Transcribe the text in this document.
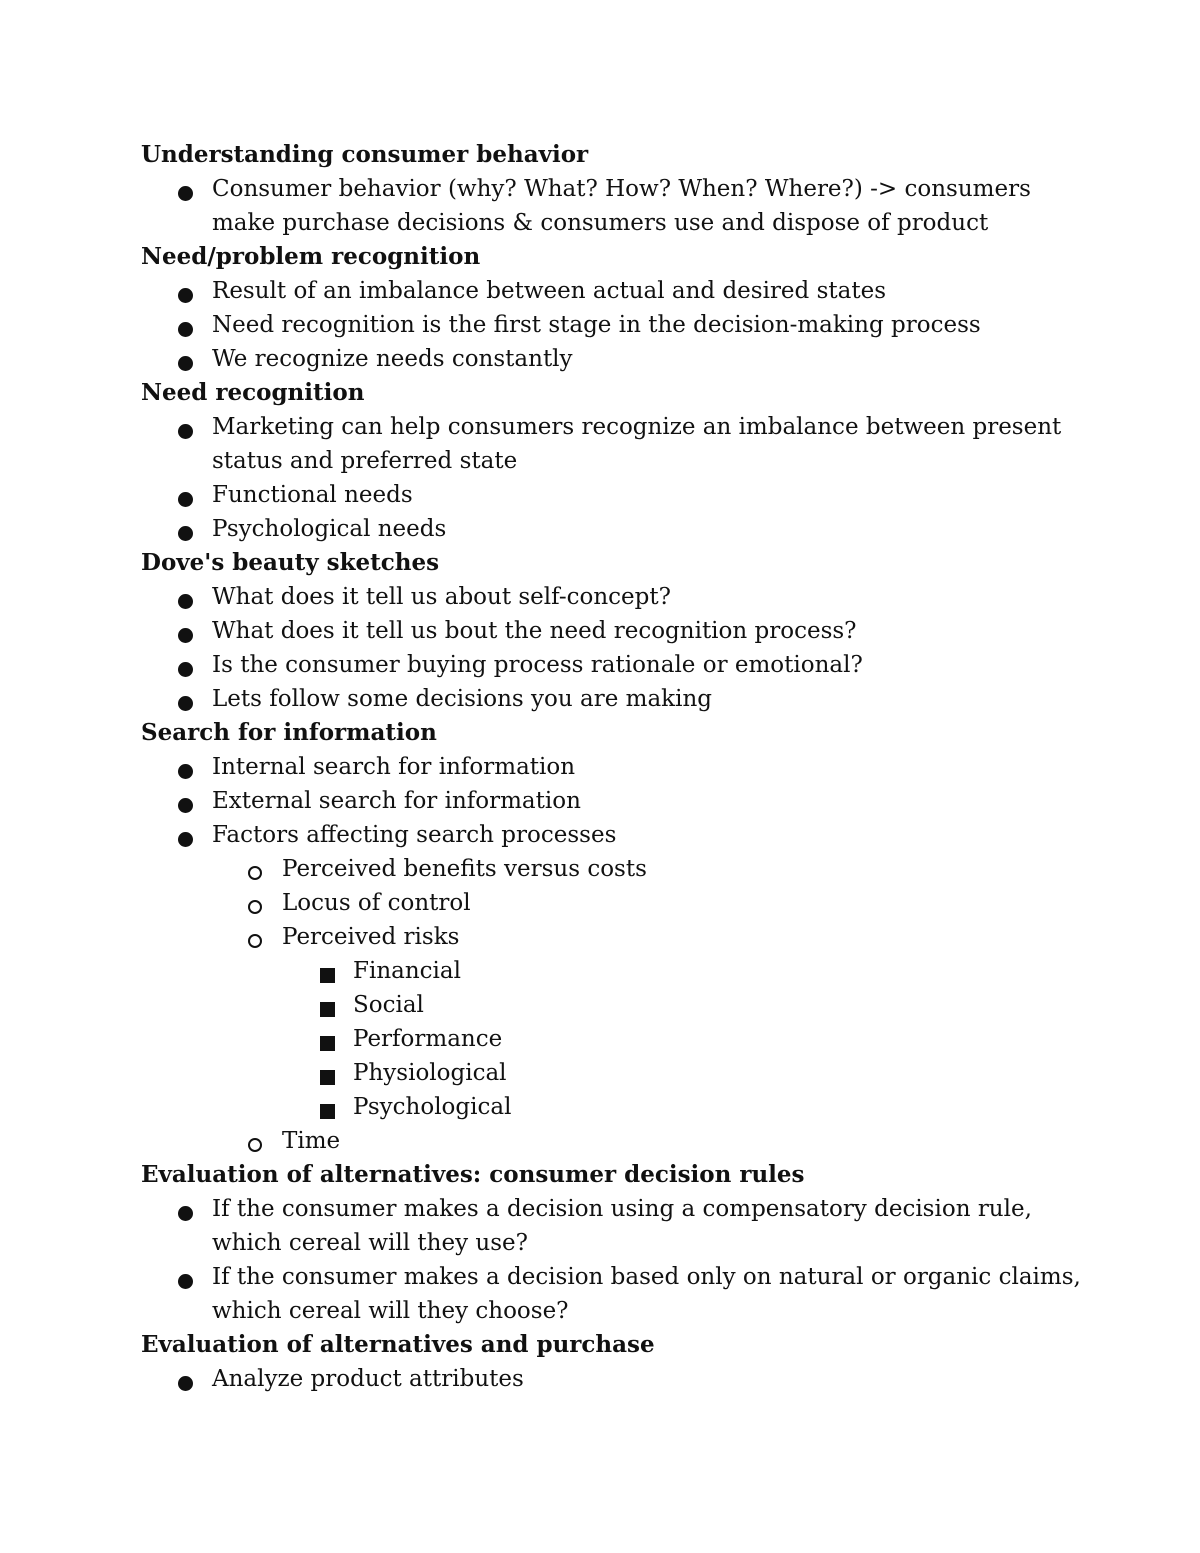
Understanding consumer behavior
Consumer behavior (why? What? How? When? Where?) -> consumers make purchase decisions & consumers use and dispose of product
Need/problem recognition
Result of an imbalance between actual and desired states
Need recognition is the first stage in the decision-making process
We recognize needs constantly
Need recognition
Marketing can help consumers recognize an imbalance between present status and preferred state
Functional needs
Psychological needs
Dove's beauty sketches
What does it tell us about self-concept?
What does it tell us bout the need recognition process?
Is the consumer buying process rationale or emotional?
Lets follow some decisions you are making
Search for information
Internal search for information
External search for information
Factors affecting search processes
Perceived benefits versus costs
Locus of control
Perceived risks
Financial
Social
Performance
Physiological
Psychological
Time
Evaluation of alternatives: consumer decision rules
If the consumer makes a decision using a compensatory decision rule, which cereal will they use?
If the consumer makes a decision based only on natural or organic claims, which cereal will they choose?
Evaluation of alternatives and purchase
Analyze product attributes
